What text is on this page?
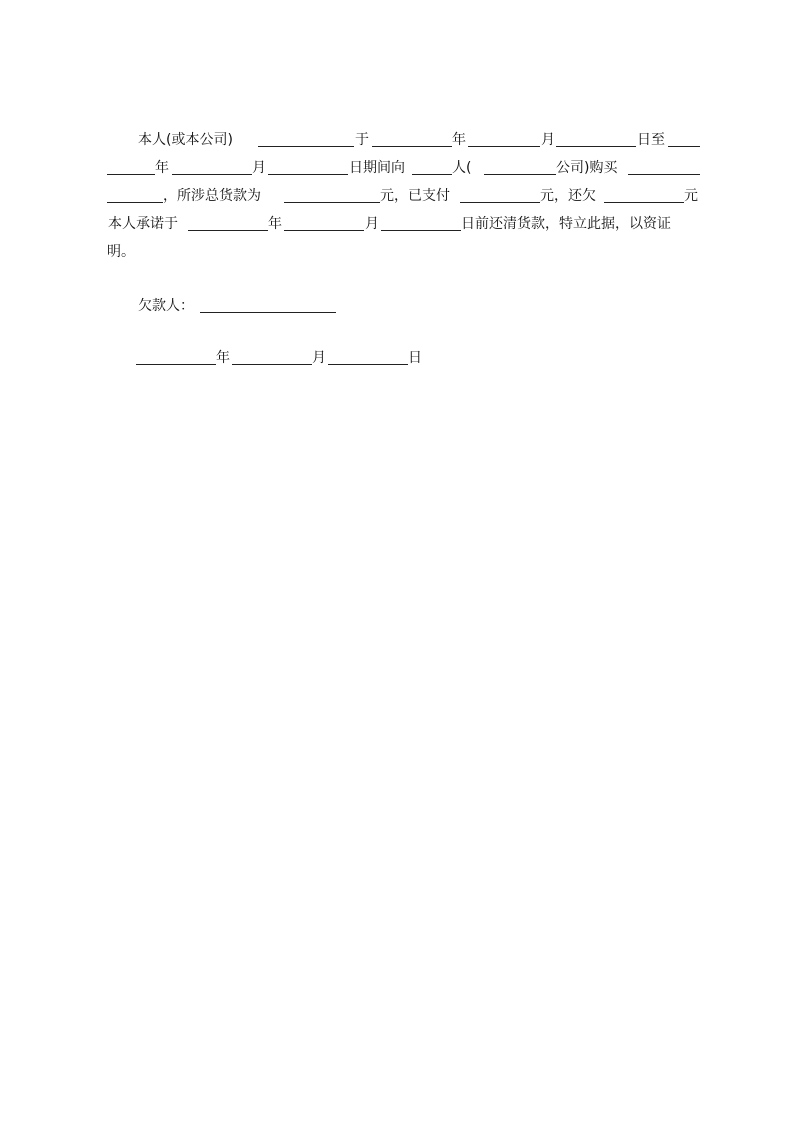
本人(或本公司)	于	年	月	日至
年	月	日期间向	人(	公司)购买
，所涉总货款为	元，已支付	元，还欠	元
本人承诺于	年	月	日前还清货款，特立此据，以资证
明。
欠款人：
年	月	日
